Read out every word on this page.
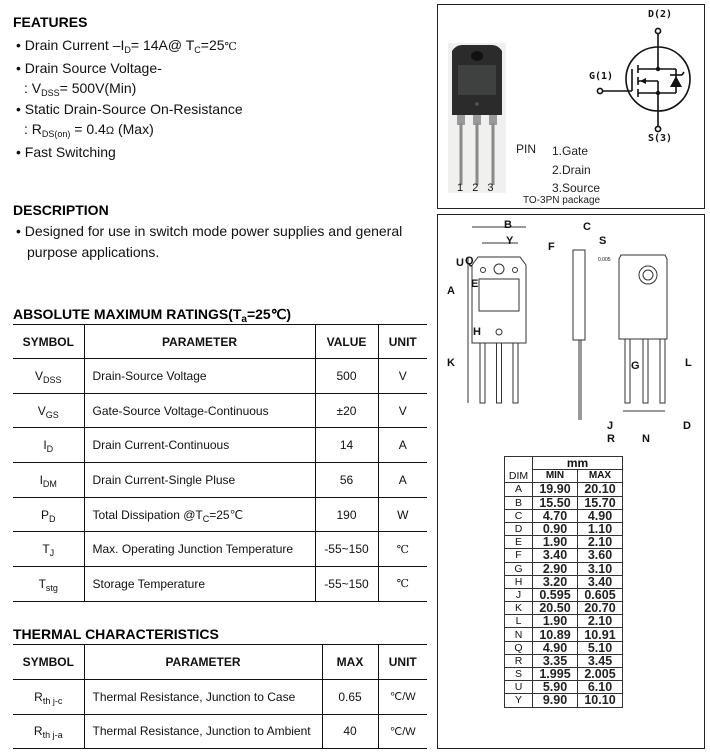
FEATURES
• Drain Current $-I_D=$ 14A@ $T_C=25℃$
• Drain Source Voltage-
: $V_{DSS}= 500V(Min)$
• Static Drain-Source On-Resistance
: $R_{DS(on)} = 0.4\Omega$ (Max)
• Fast Switching
DESCRIPTION
• Designed for use in switch mode power supplies and general
purpose applications.
ABSOLUTE MAXIMUM $RATINGS(T_a=25℃)$
SYMBOL	PARAMETER	VALUE	UNIT
$V_{DSS}$	Drain-Source Voltage	500	V
$V_{GS}$	Gate-Source Voltage-Continuous	±20	V
$I_D$	Drain Current-Continuous	14	A
$I_{DM}$	Drain Current-Single Pluse	56	A
$P_D$	Total Dissipation $@T_C=25℃$	190	W
$T_J$	Max. Operating Junction Temperature	-55~150	℃
$T_{stg}$	Storage Temperature	-55~150	℃
THERMAL CHARACTERISTICS
SYMBOL	PARAMETER	MAX	UNIT
$R_{th j-c}$	Thermal Resistance, Junction to Case	0.65	℃/W
$R_{th j-a}$	Thermal Resistance, Junction to Ambient	40	℃/W
1 2 3
PIN 1.Gate
2.Drain
3.Source
TO-3PN package
D(2)
G(1)
S(3)
B
Y
C
S
F
U Q
E
A
H
K	G	L
J
R N
D
0.005
	mm	
DIM	MIN	MAX
A	19.90	20.10
B	15.50	15.70
C	4.70	4.90
D	0.90	1.10
E	1.90	2.10
F	3.40	3.60
G	2.90	3.10
H	3.20	3.40
J	0.595	0.605
K	20.50	20.70
L	1.90	2.10
N	10.89	10.91
Q	4.90	5.10
R	3.35	3.45
S	1.995	2.005
U	5.90	6.10
Y	9.90	10.10
